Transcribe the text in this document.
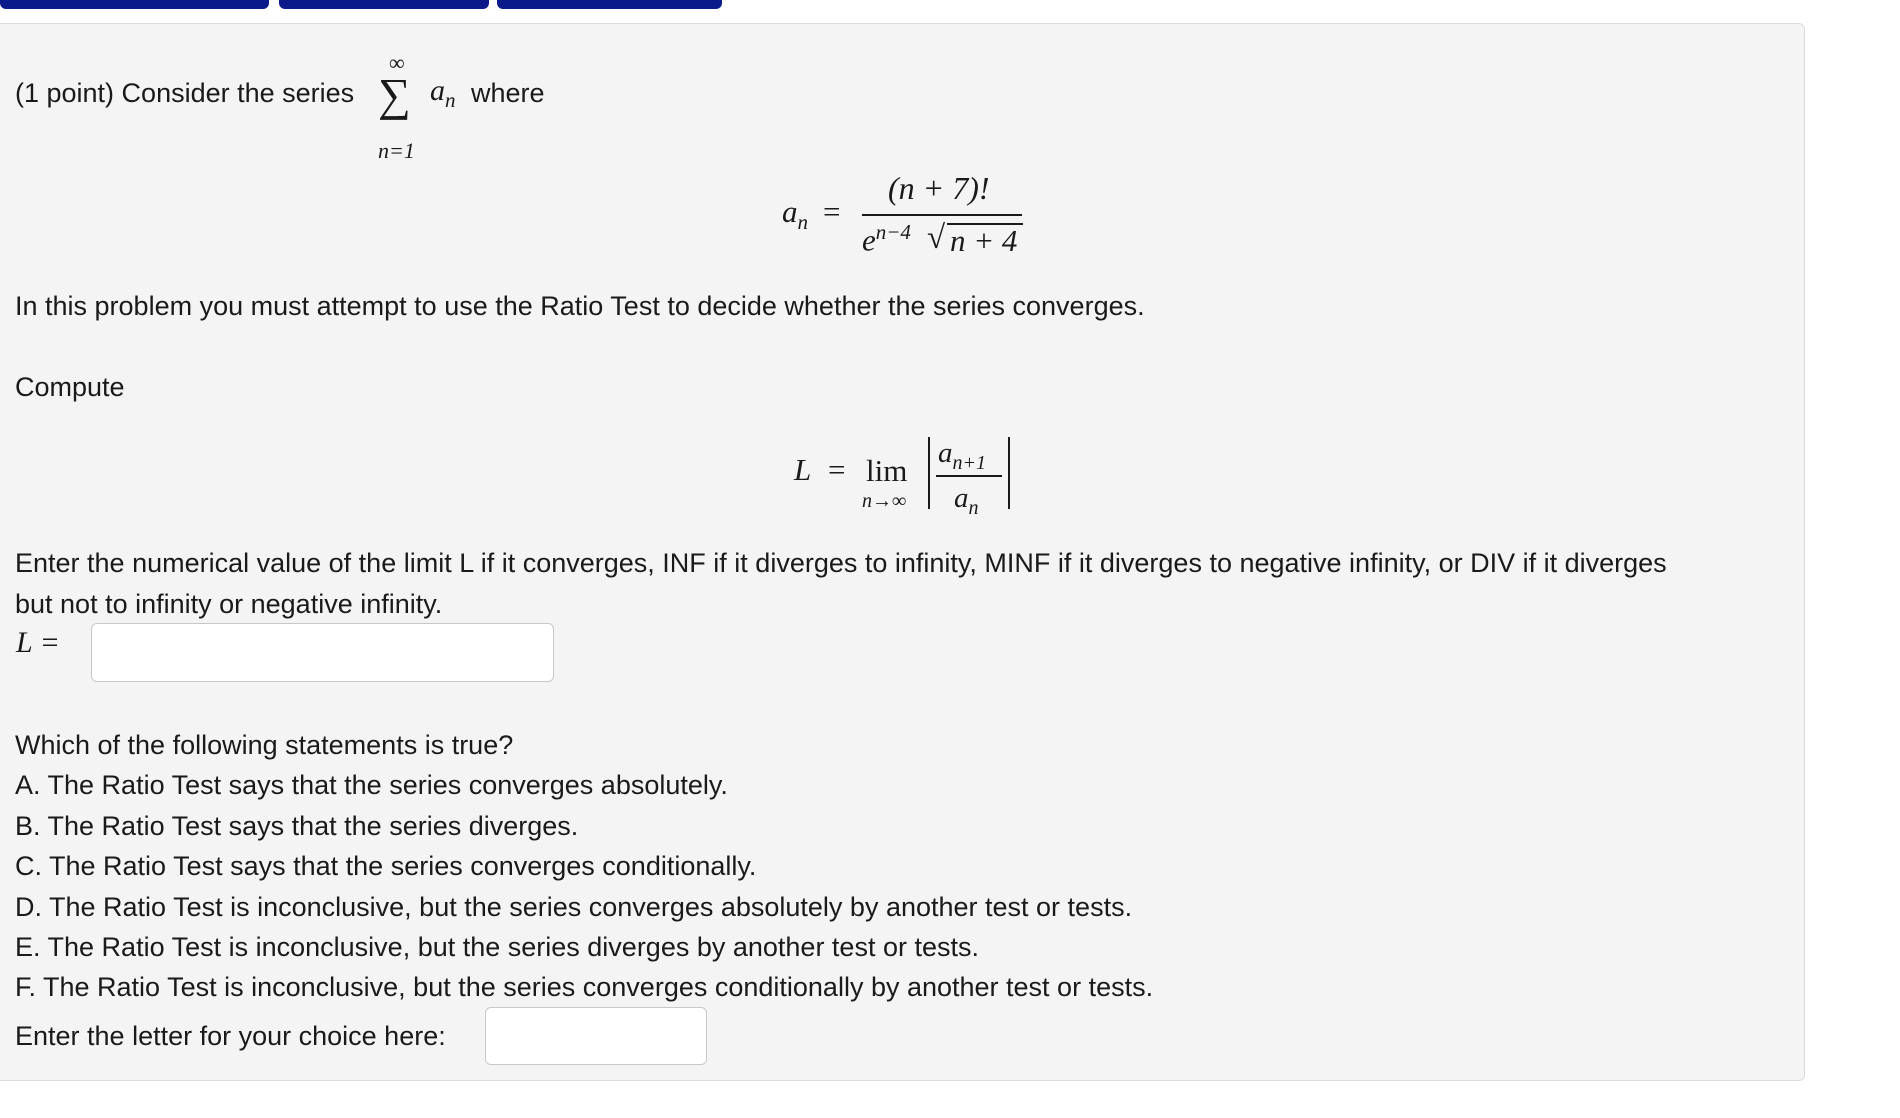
(1 point) Consider the series
∞
∑
n=1
$a_n$ where
$a_n$ =
(n + 7)!
$e^{n-4}$ √ n + 4
In this problem you must attempt to use the Ratio Test to decide whether the series converges.
Compute
L = lim
n→∞
$a_{n+1}$
$a_n$
Enter the numerical value of the limit L if it converges, INF if it diverges to infinity, MINF if it diverges to negative infinity, or DIV if it diverges
but not to infinity or negative infinity.
L =
Which of the following statements is true?
A. The Ratio Test says that the series converges absolutely.
B. The Ratio Test says that the series diverges.
C. The Ratio Test says that the series converges conditionally.
D. The Ratio Test is inconclusive, but the series converges absolutely by another test or tests.
E. The Ratio Test is inconclusive, but the series diverges by another test or tests.
F. The Ratio Test is inconclusive, but the series converges conditionally by another test or tests.
Enter the letter for your choice here:
